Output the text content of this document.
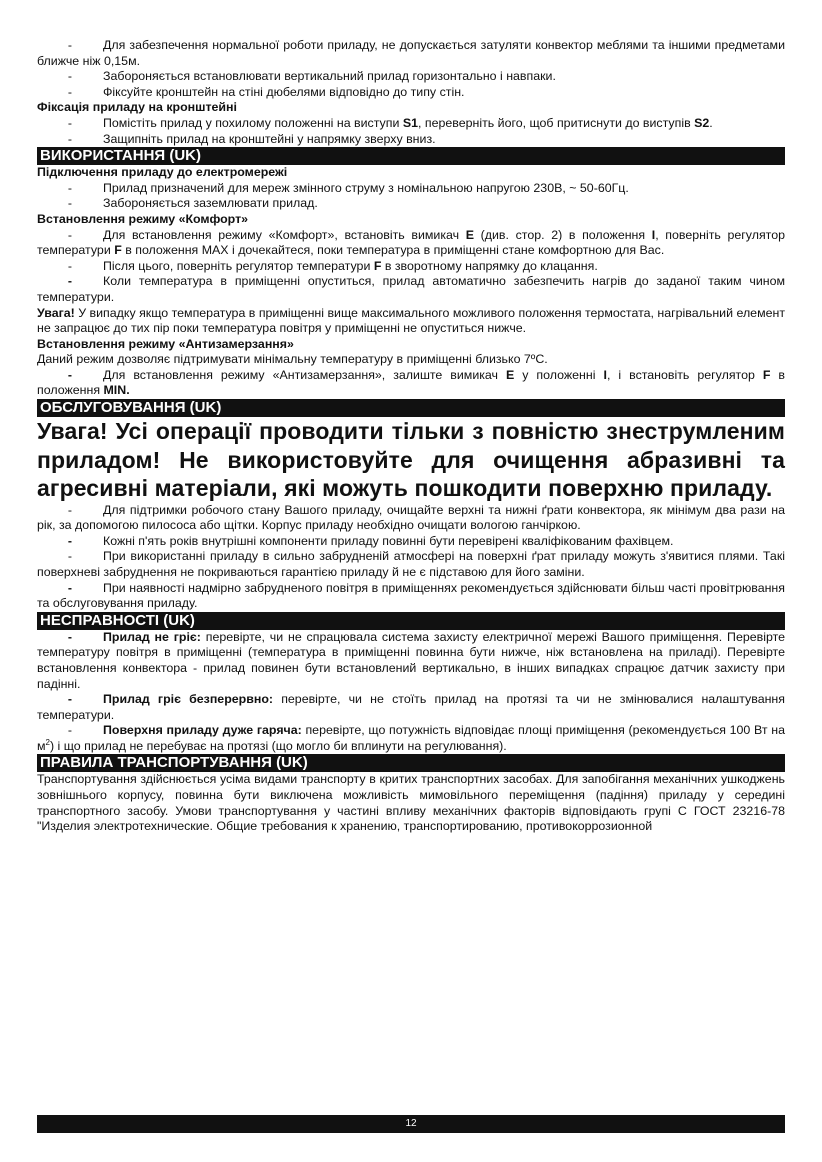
- Для забезпечення нормальної роботи приладу, не допускається затуляти конвектор меблями та іншими предметами ближче ніж 0,15м.

- Забороняється встановлювати вертикальний прилад горизонтально і навпаки.

- Фіксуйте кронштейн на стіні дюбелями відповідно до типу стін.

Фіксація приладу на кронштейні

- Помістіть прилад у похилому положенні на виступи S1, переверніть його, щоб притиснути до виступів S2.

- Защипніть прилад на кронштейні у напрямку зверху вниз.

ВИКОРИСТАННЯ (UK)

Підключення приладу до електромережі

- Прилад призначений для мереж змінного струму з номінальною напругою 230В, ~ 50-60Гц.

- Забороняється заземлювати прилад.

Встановлення режиму «Комфорт»

- Для встановлення режиму «Комфорт», встановіть вимикач E (див. стор. 2) в положення I, поверніть регулятор температури F в положення MAX і дочекайтеся, поки температура в приміщенні стане комфортною для Вас.

- Після цього, поверніть регулятор температури F в зворотному напрямку до клацання.

- Коли температура в приміщенні опуститься, прилад автоматично забезпечить нагрів до заданої таким чином температури.

Увага! У випадку якщо температура в приміщенні вище максимального можливого положення термостата, нагрівальний елемент не запрацює до тих пір поки температура повітря у приміщенні не опуститься нижче.

Встановлення режиму «Антизамерзання»

Даний режим дозволяє підтримувати мінімальну температуру в приміщенні близько 7ºС.

- Для встановлення режиму «Антизамерзання», залиште вимикач E у положенні I, і встановіть регулятор F в положення MIN.

ОБСЛУГОВУВАННЯ (UK)

Увага! Усі операції проводити тільки з повністю знеструмленим приладом! Не використовуйте для очищення абразивні та агресивні матеріали, які можуть пошкодити поверхню приладу.

- Для підтримки робочого стану Вашого приладу, очищайте верхні та нижні ґрати конвектора, як мінімум два рази на рік, за допомогою пилососа або щітки. Корпус приладу необхідно очищати вологою ганчіркою.

- Кожні п'ять років внутрішні компоненти приладу повинні бути перевірені кваліфікованим фахівцем.

- При використанні приладу в сильно забрудненій атмосфері на поверхні ґрат приладу можуть з'явитися плями. Такі поверхневі забруднення не покриваються гарантією приладу й не є підставою для його заміни.

- При наявності надмірно забрудненого повітря в приміщеннях рекомендується здійснювати більш часті провітрювання та обслуговування приладу.

НЕСПРАВНОСТІ (UK)

- Прилад не гріє: перевірте, чи не спрацювала система захисту електричної мережі Вашого приміщення. Перевірте температуру повітря в приміщенні (температура в приміщенні повинна бути нижче, ніж встановлена на приладі). Перевірте встановлення конвектора - прилад повинен бути встановлений вертикально, в інших випадках спрацює датчик захисту при падінні.

- Прилад гріє безперервно: перевірте, чи не стоїть прилад на протязі та чи не змінювалися налаштування температури.

- Поверхня приладу дуже гаряча: перевірте, що потужність відповідає площі приміщення (рекомендується 100 Вт на $м^2$) і що прилад не перебуває на протязі (що могло би вплинути на регулювання).

ПРАВИЛА ТРАНСПОРТУВАННЯ (UK)

Транспортування здійснюється усіма видами транспорту в критих транспортних засобах. Для запобігання механічних ушкоджень зовнішнього корпусу, повинна бути виключена можливість мимовільного переміщення (падіння) приладу у середині транспортного засобу. Умови транспортування у частині впливу механічних факторів відповідають групі С ГОСТ 23216-78 "Изделия электротехнические. Общие требования к хранению, транспортированию, противокоррозионной

12
